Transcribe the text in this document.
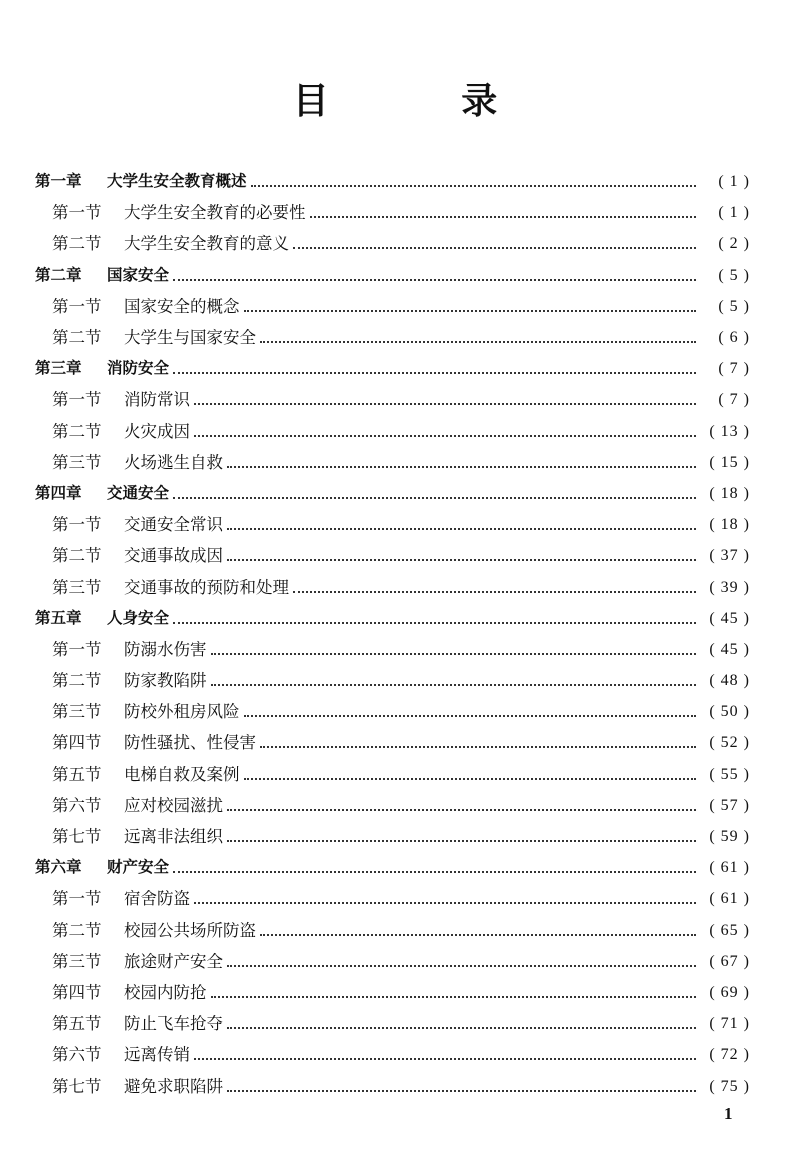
目 录
第一章	大学生安全教育概述	( 1 )
第一节	大学生安全教育的必要性	( 1 )
第二节	大学生安全教育的意义	( 2 )
第二章	国家安全	( 5 )
第一节	国家安全的概念	( 5 )
第二节	大学生与国家安全	( 6 )
第三章	消防安全	( 7 )
第一节	消防常识	( 7 )
第二节	火灾成因	( 13 )
第三节	火场逃生自救	( 15 )
第四章	交通安全	( 18 )
第一节	交通安全常识	( 18 )
第二节	交通事故成因	( 37 )
第三节	交通事故的预防和处理	( 39 )
第五章	人身安全	( 45 )
第一节	防溺水伤害	( 45 )
第二节	防家教陷阱	( 48 )
第三节	防校外租房风险	( 50 )
第四节	防性骚扰、性侵害	( 52 )
第五节	电梯自救及案例	( 55 )
第六节	应对校园滋扰	( 57 )
第七节	远离非法组织	( 59 )
第六章	财产安全	( 61 )
第一节	宿舍防盗	( 61 )
第二节	校园公共场所防盗	( 65 )
第三节	旅途财产安全	( 67 )
第四节	校园内防抢	( 69 )
第五节	防止飞车抢夺	( 71 )
第六节	远离传销	( 72 )
第七节	避免求职陷阱	( 75 )
1
